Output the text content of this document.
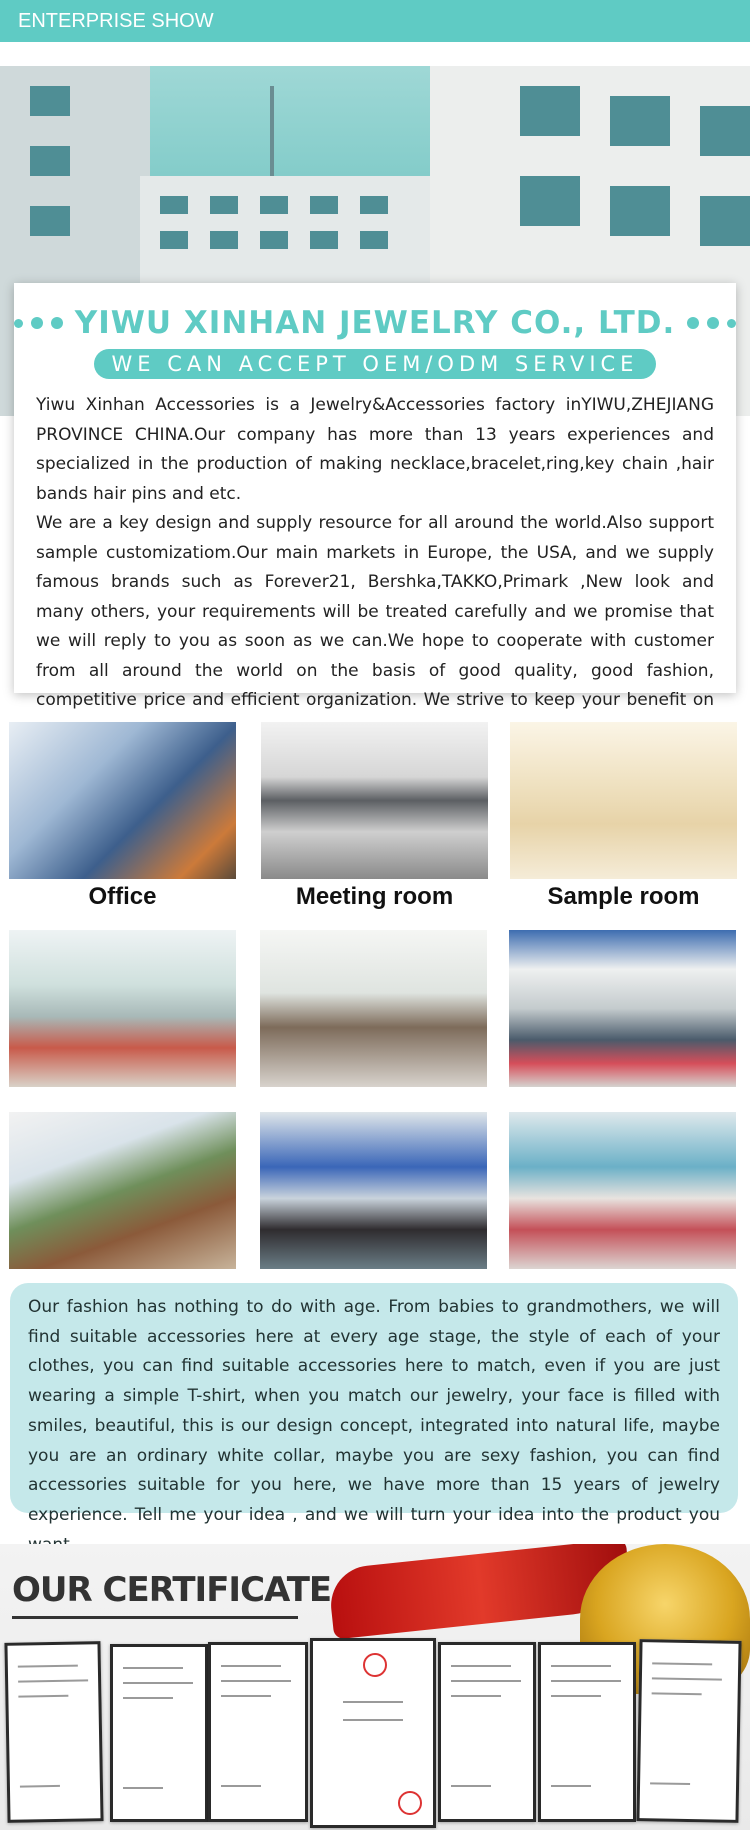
ENTERPRISE SHOW
YIWU XINHAN JEWELRY CO., LTD.
WE CAN ACCEPT OEM/ODM SERVICE

Yiwu Xinhan Accessories is a Jewelry&Accessories factory inYIWU,ZHEJIANG PROVINCE CHINA.Our company has more than 13 years experiences and specialized in the production of making necklace,bracelet,ring,key chain ,hair bands hair pins and etc.

We are a key design and supply resource for all around the world.Also support sample customizatiom.Our main markets in Europe, the USA, and we supply famous brands such as Forever21, Bershka,TAKKO,Primark ,New look and many others, your requirements will be treated carefully and we promise that we will reply to you as soon as we can.We hope to cooperate with customer from all around the world on the basis of good quality, good fashion, competitive price and efficient organization. We strive to keep your benefit on

Office	Meeting room	Sample room

Our fashion has nothing to do with age. From babies to grandmothers, we will find suitable accessories here at every age stage, the style of each of your clothes, you can find suitable accessories here to match, even if you are just wearing a simple T-shirt, when you match our jewelry, your face is filled with smiles, beautiful, this is our design concept, integrated into natural life, maybe you are an ordinary white collar, maybe you are sexy fashion, you can find accessories suitable for you here, we have more than 15 years of jewelry experience. Tell me your idea , and we will turn your idea into the product you

OUR CERTIFICATE
